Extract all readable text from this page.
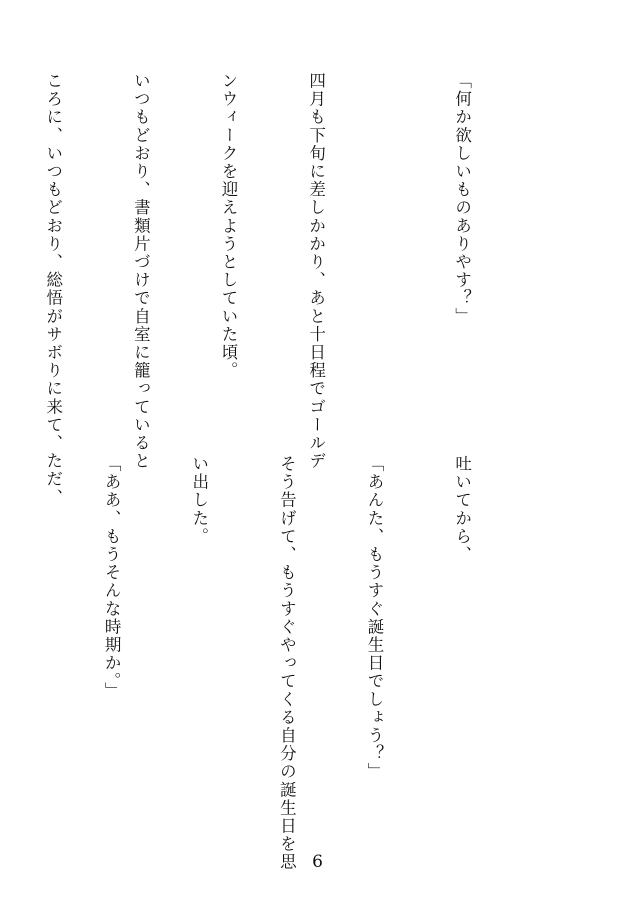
「何か欲しいものありやす？」

四月も下旬に差しかかり、あと十日程でゴールデ

ンウィークを迎えようとしていた頃。

いつもどおり、書類片づけで自室に籠っていると

ころに、いつもどおり、総悟がサボりに来て、ただ、

吐いてから、

「あんた、もうすぐ誕生日でしょう？」

そう告げて、もうすぐやってくる自分の誕生日を思

い出した。

「ああ、もうそんな時期か。」

6
